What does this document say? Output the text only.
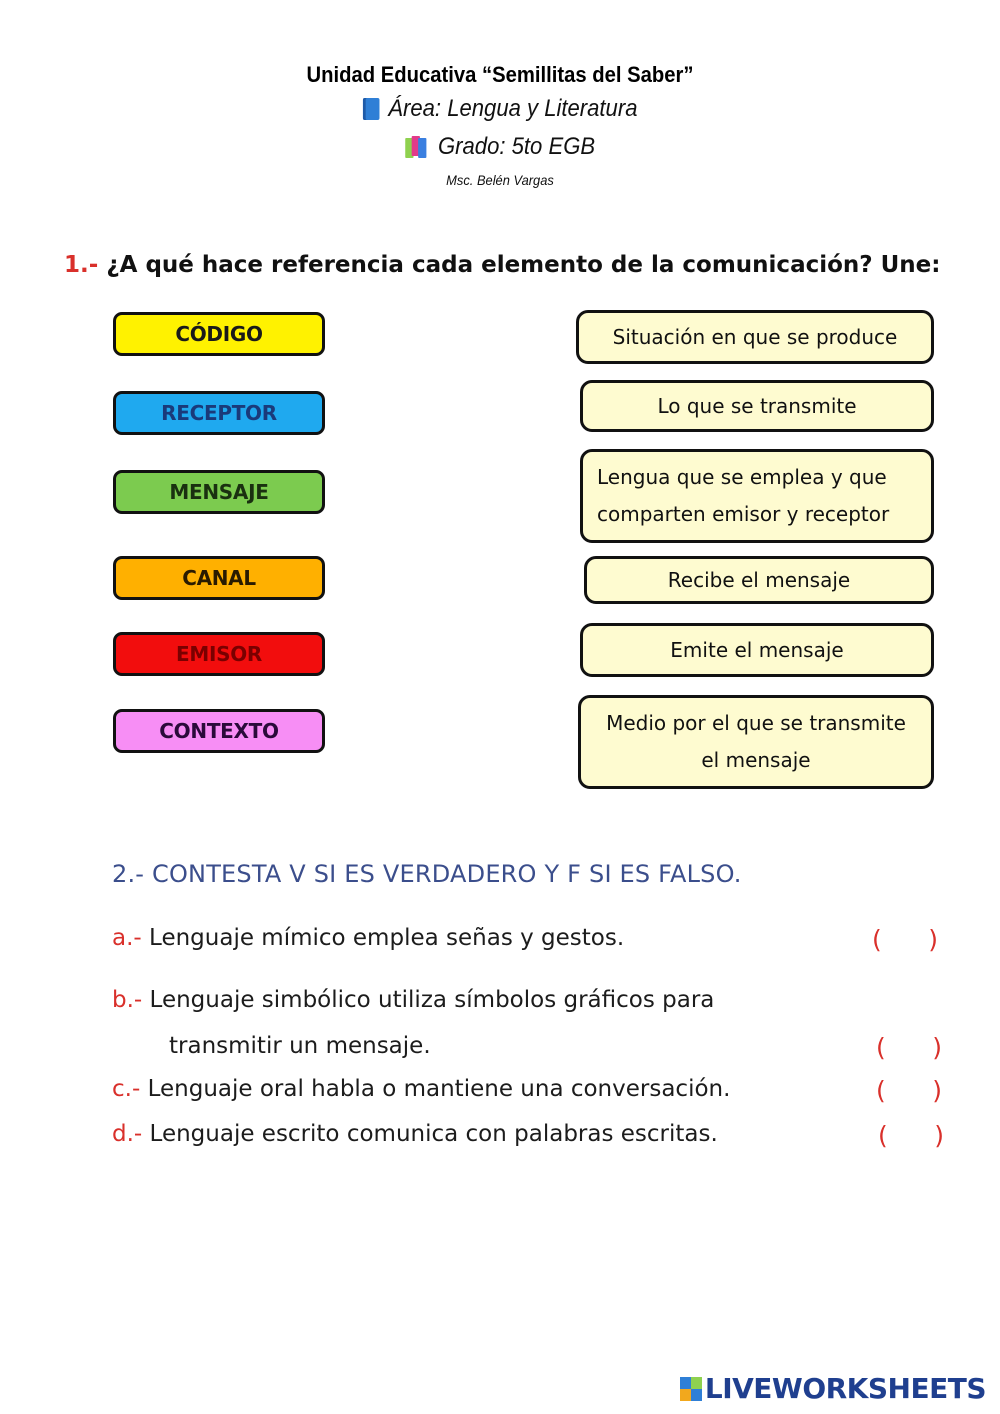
Unidad Educativa “Semillitas del Saber”
Área: Lengua y Literatura
Grado: 5to EGB
Msc. Belén Vargas
1.- ¿A qué hace referencia cada elemento de la comunicación? Une:
CÓDIGO
RECEPTOR
MENSAJE
CANAL
EMISOR
CONTEXTO
Situación en que se produce
Lo que se transmite
Lengua que se emplea y que
comparten emisor y receptor
Recibe el mensaje
Emite el mensaje
Medio por el que se transmite
el mensaje
2.- CONTESTA V SI ES VERDADERO Y F SI ES FALSO.
a.- Lenguaje mímico emplea señas y gestos.	( )
b.- Lenguaje simbólico utiliza símbolos gráficos para
transmitir un mensaje.	( )
c.- Lenguaje oral habla o mantiene una conversación.	( )
d.- Lenguaje escrito comunica con palabras escritas.	( )
LIVEWORKSHEETS
